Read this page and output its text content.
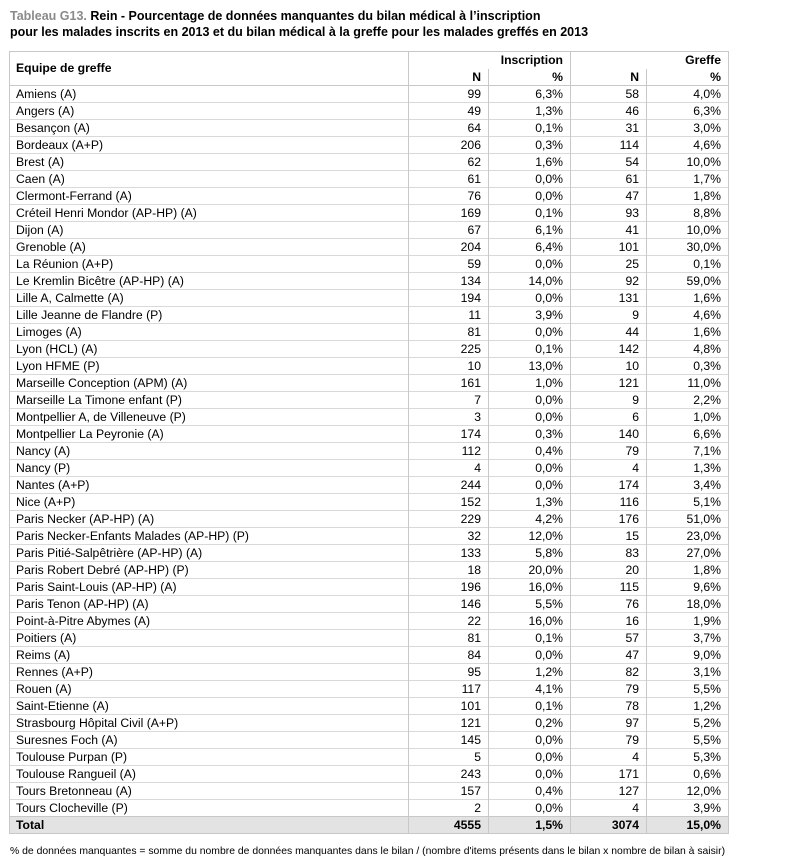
Tableau G13. Rein - Pourcentage de données manquantes du bilan médical à l’inscription
pour les malades inscrits en 2013 et du bilan médical à la greffe pour les malades greffés en 2013
Equipe de greffe	Inscription		Greffe	
	N	%	N	%
Amiens (A)	99	6,3%	58	4,0%
Angers (A)	49	1,3%	46	6,3%
Besançon (A)	64	0,1%	31	3,0%
Bordeaux (A+P)	206	0,3%	114	4,6%
Brest (A)	62	1,6%	54	10,0%
Caen (A)	61	0,0%	61	1,7%
Clermont-Ferrand (A)	76	0,0%	47	1,8%
Créteil Henri Mondor (AP-HP) (A)	169	0,1%	93	8,8%
Dijon (A)	67	6,1%	41	10,0%
Grenoble (A)	204	6,4%	101	30,0%
La Réunion (A+P)	59	0,0%	25	0,1%
Le Kremlin Bicêtre (AP-HP) (A)	134	14,0%	92	59,0%
Lille A, Calmette (A)	194	0,0%	131	1,6%
Lille Jeanne de Flandre (P)	11	3,9%	9	4,6%
Limoges (A)	81	0,0%	44	1,6%
Lyon (HCL) (A)	225	0,1%	142	4,8%
Lyon HFME (P)	10	13,0%	10	0,3%
Marseille Conception (APM) (A)	161	1,0%	121	11,0%
Marseille La Timone enfant (P)	7	0,0%	9	2,2%
Montpellier A, de Villeneuve (P)	3	0,0%	6	1,0%
Montpellier La Peyronie (A)	174	0,3%	140	6,6%
Nancy (A)	112	0,4%	79	7,1%
Nancy (P)	4	0,0%	4	1,3%
Nantes (A+P)	244	0,0%	174	3,4%
Nice (A+P)	152	1,3%	116	5,1%
Paris Necker (AP-HP) (A)	229	4,2%	176	51,0%
Paris Necker-Enfants Malades (AP-HP) (P)	32	12,0%	15	23,0%
Paris Pitié-Salpêtrière (AP-HP) (A)	133	5,8%	83	27,0%
Paris Robert Debré (AP-HP) (P)	18	20,0%	20	1,8%
Paris Saint-Louis (AP-HP) (A)	196	16,0%	115	9,6%
Paris Tenon (AP-HP) (A)	146	5,5%	76	18,0%
Point-à-Pitre Abymes (A)	22	16,0%	16	1,9%
Poitiers (A)	81	0,1%	57	3,7%
Reims (A)	84	0,0%	47	9,0%
Rennes (A+P)	95	1,2%	82	3,1%
Rouen (A)	117	4,1%	79	5,5%
Saint-Etienne (A)	101	0,1%	78	1,2%
Strasbourg Hôpital Civil (A+P)	121	0,2%	97	5,2%
Suresnes Foch (A)	145	0,0%	79	5,5%
Toulouse Purpan (P)	5	0,0%	4	5,3%
Toulouse Rangueil (A)	243	0,0%	171	0,6%
Tours Bretonneau (A)	157	0,4%	127	12,0%
Tours Clocheville (P)	2	0,0%	4	3,9%
Total	4555	1,5%	3074	15,0%
% de données manquantes = somme du nombre de données manquantes dans le bilan / (nombre d'items présents dans le bilan x nombre de bilan à saisir)
